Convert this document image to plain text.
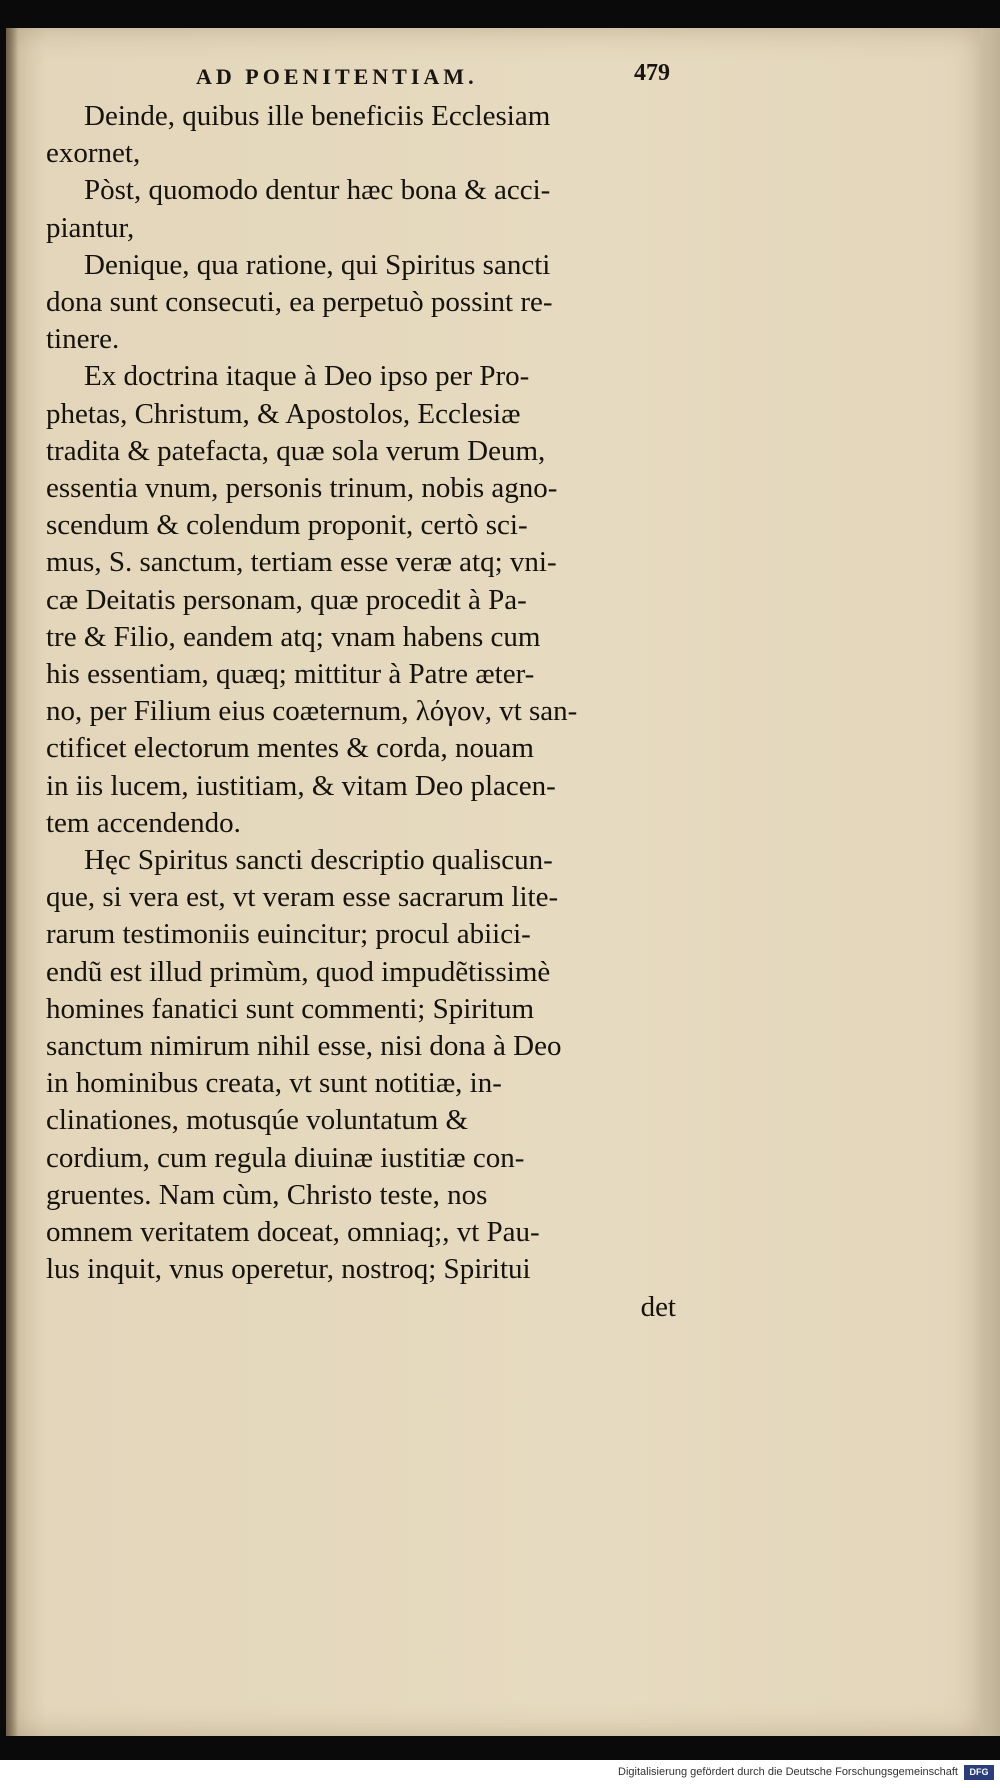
AD POENITENTIAM.	479
Deinde, quibus ille beneficiis Ecclesiam
exornet,
Pòst, quomodo dentur hæc bona & acci-
piantur,
Denique, qua ratione, qui Spiritus sancti
dona sunt consecuti, ea perpetuò possint re-
tinere.
Ex doctrina itaque à Deo ipso per Pro-
phetas, Christum, & Apostolos, Ecclesiæ
tradita & patefacta, quæ sola verum Deum,
essentia vnum, personis trinum, nobis agno-
scendum & colendum proponit, certò sci-
mus, S. sanctum, tertiam esse veræ atq; vni-
cæ Deitatis personam, quæ procedit à Pa-
tre & Filio, eandem atq; vnam habens cum
his essentiam, quæq; mittitur à Patre æter-
no, per Filium eius coæternum, λόγον, vt san-
ctificet electorum mentes & corda, nouam
in iis lucem, iustitiam, & vitam Deo placen-
tem accendendo.
Hęc Spiritus sancti descriptio qualiscun-
que, si vera est, vt veram esse sacrarum lite-
rarum testimoniis euincitur; procul abiici-
endũ est illud primùm, quod impudẽtissimè
homines fanatici sunt commenti; Spiritum
sanctum nimirum nihil esse, nisi dona à Deo
in hominibus creata, vt sunt notitiæ, in-
clinationes, motusqúe voluntatum &
cordium, cum regula diuinæ iustitiæ con-
gruentes. Nam cùm, Christo teste, nos
omnem veritatem doceat, omniaq;, vt Pau-
lus inquit, vnus operetur, nostroq; Spiritui
det
Digitalisierung gefördert durch die Deutsche Forschungsgemeinschaft	DFG
